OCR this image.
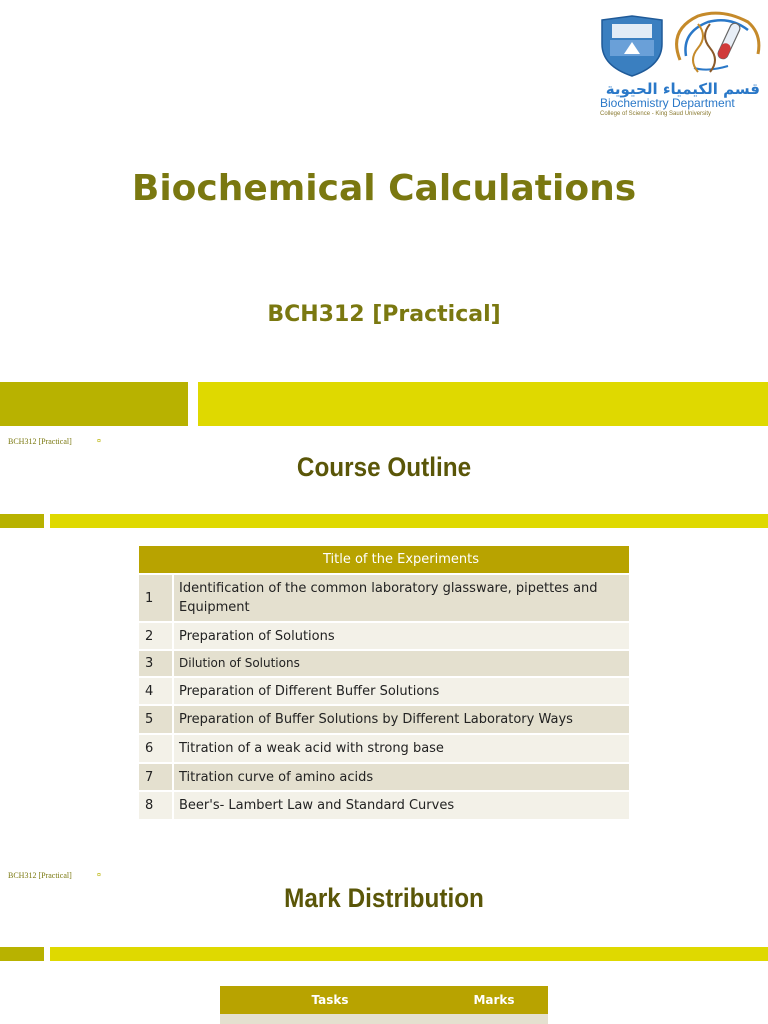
قسم الكيمياء الحيوية
Biochemistry Department
College of Science - King Saud University
Biochemical Calculations
BCH312 [Practical]
BCH312 [Practical]	¤
Course Outline
	Title of the Experiments
1	Identification of the common laboratory glassware, pipettes and Equipment
2	Preparation of Solutions
3	Dilution of Solutions
4	Preparation of Different Buffer Solutions
5	Preparation of Buffer Solutions by Different Laboratory Ways
6	Titration of a weak acid with strong base
7	Titration curve of amino acids
8	Beer's- Lambert Law and Standard Curves
BCH312 [Practical]	¤
Mark Distribution
Tasks	Marks
